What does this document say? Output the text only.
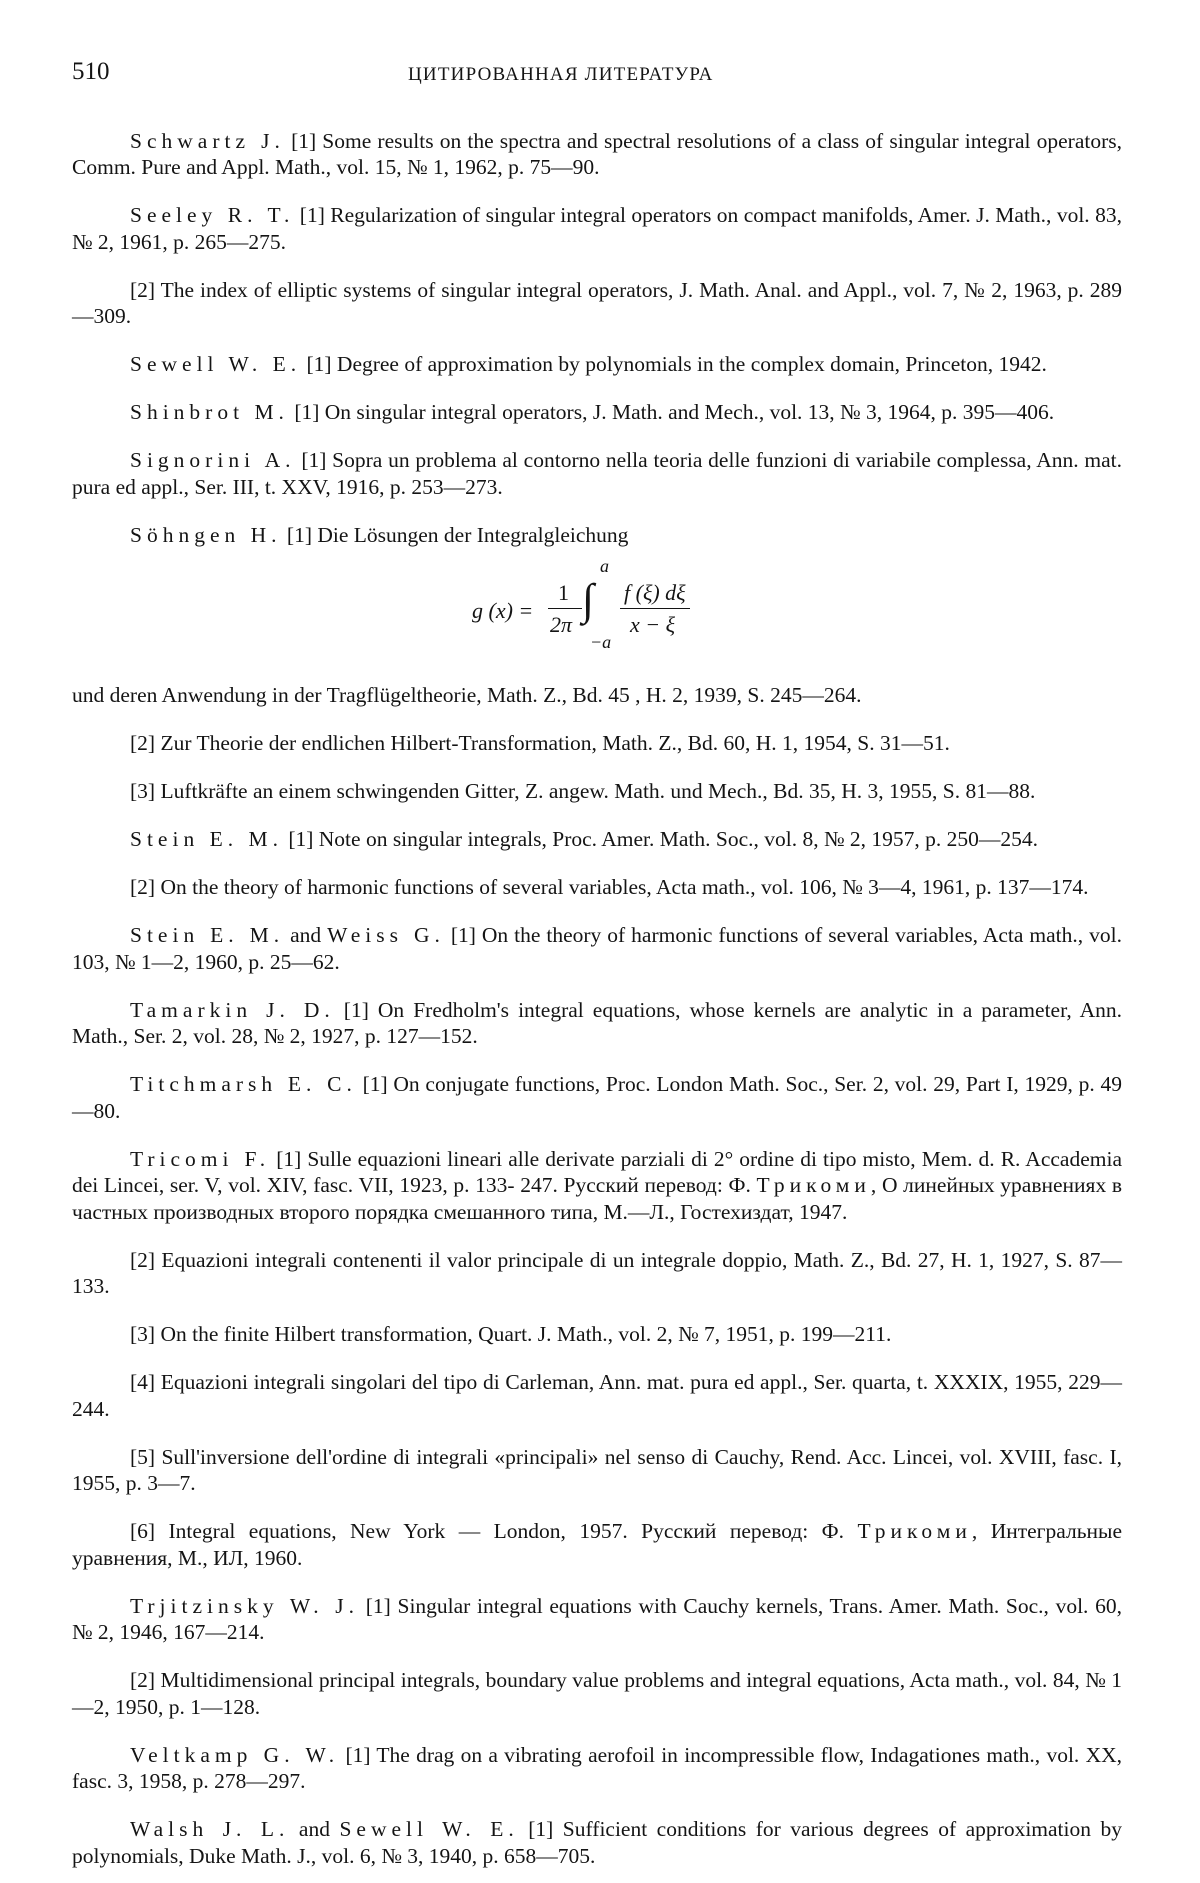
510	ЦИТИРОВАННАЯ ЛИТЕРАТУРА

Schwartz J. [1] Some results on the spectra and spectral resolutions of a class of singular integral operators, Comm. Pure and Appl. Math., vol. 15, № 1, 1962, p. 75—90.

Seeley R. T. [1] Regularization of singular integral operators on compact manifolds, Amer. J. Math., vol. 83, № 2, 1961, p. 265—275.

[2] The index of elliptic systems of singular integral operators, J. Math. Anal. and Appl., vol. 7, № 2, 1963, p. 289—309.

Sewell W. E. [1] Degree of approximation by polynomials in the complex domain, Princeton, 1942.

Shinbrot M. [1] On singular integral operators, J. Math. and Mech., vol. 13, № 3, 1964, p. 395—406.

Signorini A. [1] Sopra un problema al contorno nella teoria delle funzioni di variabile complessa, Ann. mat. pura ed appl., Ser. III, t. XXV, 1916, p. 253—273.

Söhngen H. [1] Die Lösungen der Integralgleichung

g (x) =
1
2π
a
∫
−a
f (ξ) dξ
x − ξ

und deren Anwendung in der Tragflügeltheorie, Math. Z., Bd. 45 , H. 2, 1939, S. 245—264.

[2] Zur Theorie der endlichen Hilbert-Transformation, Math. Z., Bd. 60, H. 1, 1954, S. 31—51.

[3] Luftkräfte an einem schwingenden Gitter, Z. angew. Math. und Mech., Bd. 35, H. 3, 1955, S. 81—88.

Stein E. M. [1] Note on singular integrals, Proc. Amer. Math. Soc., vol. 8, № 2, 1957, p. 250—254.

[2] On the theory of harmonic functions of several variables, Acta math., vol. 106, № 3—4, 1961, p. 137—174.

Stein E. M. and Weiss G. [1] On the theory of harmonic functions of several variables, Acta math., vol. 103, № 1—2, 1960, p. 25—62.

Tamarkin J. D. [1] On Fredholm's integral equations, whose kernels are analytic in a parameter, Ann. Math., Ser. 2, vol. 28, № 2, 1927, p. 127—152.

Titchmarsh E. C. [1] On conjugate functions, Proc. London Math. Soc., Ser. 2, vol. 29, Part I, 1929, p. 49—80.

Tricomi F. [1] Sulle equazioni lineari alle derivate parziali di 2° ordine di tipo misto, Mem. d. R. Accademia dei Lincei, ser. V, vol. XIV, fasc. VII, 1923, p. 133- 247. Русский перевод: Ф. Трикоми, О линейных уравнениях в частных производных второго порядка смешанного типа, М.—Л., Гостехиздат, 1947.

[2] Equazioni integrali contenenti il valor principale di un integrale doppio, Math. Z., Bd. 27, H. 1, 1927, S. 87—133.

[3] On the finite Hilbert transformation, Quart. J. Math., vol. 2, № 7, 1951, p. 199—211.

[4] Equazioni integrali singolari del tipo di Carleman, Ann. mat. pura ed appl., Ser. quarta, t. XXXIX, 1955, 229—244.

[5] Sull'inversione dell'ordine di integrali «principali» nel senso di Cauchy, Rend. Acc. Lincei, vol. XVIII, fasc. I, 1955, p. 3—7.

[6] Integral equations, New York — London, 1957. Русский перевод: Ф. Трикоми, Интегральные уравнения, М., ИЛ, 1960.

Trjitzinsky W. J. [1] Singular integral equations with Cauchy kernels, Trans. Amer. Math. Soc., vol. 60, № 2, 1946, 167—214.

[2] Multidimensional principal integrals, boundary value problems and integral equations, Acta math., vol. 84, № 1—2, 1950, p. 1—128.

Veltkamp G. W. [1] The drag on a vibrating aerofoil in incompressible flow, Indagationes math., vol. XX, fasc. 3, 1958, p. 278—297.

Walsh J. L. and Sewell W. E. [1] Sufficient conditions for various degrees of approximation by polynomials, Duke Math. J., vol. 6, № 3, 1940, p. 658—705.
